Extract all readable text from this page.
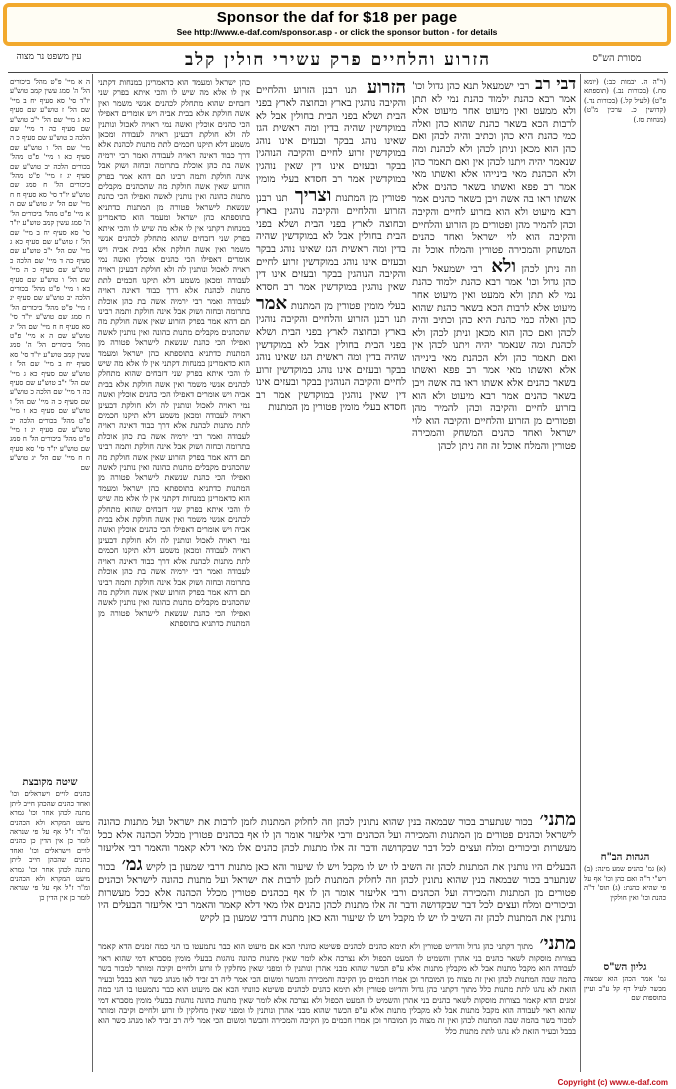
Sponsor the daf for $18 per page
See http://www.e-daf.com/sponsor.asp - or click the sponsor button - for details
עין משפט נר מצוה	הזרוע והלחיים פרק עשירי חולין קלב	מסורת הש"ס
ה א מיי' פ"ט מהל' ביכורים הל' ה' סמג עשין קמב טוש"ע יו"ד סי' סא סעיף יח ב מיי' שם הל' ז טוש"ע שם סעיף כא ג מיי' שם הל' י"ב טוש"ע שם סעיף כה ד מיי' שם הלכה כ טוש"ע שם סעיף כ ה מיי' שם הל' ו טוש"ע שם סעיף כא ו מיי' פ"ט מהל' בכורים הלכה יב טוש"ע שם סעיף יג ז מיי' פ"ט מהל' ביכורים הל' ח סמג שם טוש"ע יו"ד סי' סא סעיף ח ח מיי' שם הל' יג טוש"ע שם ה א מיי' פ"ט מהל' ביכורים הל' ה' סמג עשין קמב טוש"ע יו"ד סי' סא סעיף יח ב מיי' שם הל' ז טוש"ע שם סעיף כא ג מיי' שם הל' י"ב טוש"ע שם סעיף כה ד מיי' שם הלכה כ טוש"ע שם סעיף כ ה מיי' שם הל' ו טוש"ע שם סעיף כא ו מיי' פ"ט מהל' בכורים הלכה יב טוש"ע שם סעיף יג ז מיי' פ"ט מהל' ביכורים הל' ח סמג שם טוש"ע יו"ד סי' סא סעיף ח ח מיי' שם הל' יג טוש"ע שם ה א מיי' פ"ט מהל' ביכורים הל' ה' סמג עשין קמב טוש"ע יו"ד סי' סא סעיף יח ב מיי' שם הל' ז טוש"ע שם סעיף כא ג מיי' שם הל' י"ב טוש"ע שם סעיף כה ד מיי' שם הלכה כ טוש"ע שם סעיף כ ה מיי' שם הל' ו טוש"ע שם סעיף כא ו מיי' פ"ט מהל' בכורים הלכה יב טוש"ע שם סעיף יג ז מיי' פ"ט מהל' ביכורים הל' ח סמג שם טוש"ע יו"ד סי' סא סעיף ח ח מיי' שם הל' יג טוש"ע שם
שיטה מקובצת
כהנים לויים וישראלים וכו' ואחד כהנים שהכהן חייב ליתן מתנה לכהן אחר וכו' גמרא מיעט המקרא ולא הכהנים ומ"ר ז"ל אף על פי שנראה לומר כן אין הדין כן כהנים לויים וישראלים וכו' ואחד כהנים שהכהן חייב ליתן מתנה לכהן אחר וכו' גמרא מיעט המקרא ולא הכהנים ומ"ר ז"ל אף על פי שנראה לומר כן אין הדין כן
כהן ישראל ומעמד הוא כדאמרינן במנחות דקתני אין לו אלא מה שיש לו והכי איתא בפרק שני דזבחים שהוא מתחלק לכהנים אנשי משמר ואין אשה חולקת אלא בבית אביה ויש אומרים דאפילו הכי כהנים אוכלין ואשה נמי ראויה לאכול ונותנין לה ולא חולקת דבעינן ראויה לעבודה ומכאן משמע דלא תיקנו חכמים לתת מתנות לכהנת אלא דרך כבוד דאינה ראויה לעבודה ואמר רבי ירמיה אשה בת כהן אוכלת בתרומה ובחזה ושוק אבל אינה חולקת ותמה רבינו תם דהא אמר בפרק הזרוע שאין אשה חולקת מה שהכהנים מקבלים מתנות כהונה ואין נותנין לאשה ואפילו הכי כהנת שנשאת לישראל פטורה מן המתנות כדתניא בתוספתא כהן ישראל ומעמד הוא כדאמרינן במנחות דקתני אין לו אלא מה שיש לו והכי איתא בפרק שני דזבחים שהוא מתחלק לכהנים אנשי משמר ואין אשה חולקת אלא בבית אביה ויש אומרים דאפילו הכי כהנים אוכלין ואשה נמי ראויה לאכול ונותנין לה ולא חולקת דבעינן ראויה לעבודה ומכאן משמע דלא תיקנו חכמים לתת מתנות לכהנת אלא דרך כבוד דאינה ראויה לעבודה ואמר רבי ירמיה אשה בת כהן אוכלת בתרומה ובחזה ושוק אבל אינה חולקת ותמה רבינו תם דהא אמר בפרק הזרוע שאין אשה חולקת מה שהכהנים מקבלים מתנות כהונה ואין נותנין לאשה ואפילו הכי כהנת שנשאת לישראל פטורה מן המתנות כדתניא בתוספתא כהן ישראל ומעמד הוא כדאמרינן במנחות דקתני אין לו אלא מה שיש לו והכי איתא בפרק שני דזבחים שהוא מתחלק לכהנים אנשי משמר ואין אשה חולקת אלא בבית אביה ויש אומרים דאפילו הכי כהנים אוכלין ואשה נמי ראויה לאכול ונותנין לה ולא חולקת דבעינן ראויה לעבודה ומכאן משמע דלא תיקנו חכמים לתת מתנות לכהנת אלא דרך כבוד דאינה ראויה לעבודה ואמר רבי ירמיה אשה בת כהן אוכלת בתרומה ובחזה ושוק אבל אינה חולקת ותמה רבינו תם דהא אמר בפרק הזרוע שאין אשה חולקת מה שהכהנים מקבלים מתנות כהונה ואין נותנין לאשה ואפילו הכי כהנת שנשאת לישראל פטורה מן המתנות כדתניא בתוספתא כהן ישראל ומעמד הוא כדאמרינן במנחות דקתני אין לו אלא מה שיש לו והכי איתא בפרק שני דזבחים שהוא מתחלק לכהנים אנשי משמר ואין אשה חולקת אלא בבית אביה ויש אומרים דאפילו הכי כהנים אוכלין ואשה נמי ראויה לאכול ונותנין לה ולא חולקת דבעינן ראויה לעבודה ומכאן משמע דלא תיקנו חכמים לתת מתנות לכהנת אלא דרך כבוד דאינה ראויה לעבודה ואמר רבי ירמיה אשה בת כהן אוכלת בתרומה ובחזה ושוק אבל אינה חולקת ותמה רבינו תם דהא אמר בפרק הזרוע שאין אשה חולקת מה שהכהנים מקבלים מתנות כהונה ואין נותנין לאשה ואפילו הכי כהנת שנשאת לישראל פטורה מן המתנות כדתניא בתוספתא
הזרוע תנו רבנן הזרוע והלחיים והקיבה נוהגין בארץ ובחוצה לארץ בפני הבית ושלא בפני הבית בחולין אבל לא במוקדשין שהיה בדין ומה ראשית הגז שאינו נוהג בבקר ובעזים אינו נוהג במוקדשין זרוע לחיים והקיבה הנוהגין בבקר ובעזים אינו דין שאין נוהגין במוקדשין אמר רב חסדא בעלי מומין פטורין מן המתנות וצריך תנו רבנן הזרוע והלחיים והקיבה נוהגין בארץ ובחוצה לארץ בפני הבית ושלא בפני הבית בחולין אבל לא במוקדשין שהיה בדין ומה ראשית הגז שאינו נוהג בבקר ובעזים אינו נוהג במוקדשין זרוע לחיים והקיבה הנוהגין בבקר ובעזים אינו דין שאין נוהגין במוקדשין אמר רב חסדא בעלי מומין פטורין מן המתנות אמר תנו רבנן הזרוע והלחיים והקיבה נוהגין בארץ ובחוצה לארץ בפני הבית ושלא בפני הבית בחולין אבל לא במוקדשין שהיה בדין ומה ראשית הגז שאינו נוהג בבקר ובעזים אינו נוהג במוקדשין זרוע לחיים והקיבה הנוהגין בבקר ובעזים אינו דין שאין נוהגין במוקדשין אמר רב חסדא בעלי מומין פטורין מן המתנות
דבי רב רבי ישמעאל תנא כהן גדול וכו' אמר רבא כהנת ילמוד כהנת נמי לא תתן ולא ממעט ואין מיעוט אחר מיעוט אלא לרבות הכא בשאר כהנת שהוא כהן ואלה כמי כהנת היא כהן וכתיב והיה לכהן ואם כהן הוא מכאן וניתן לכהן ולא לכהנת ומה שנאמר יהיה ויתנו לכהן אין ואם תאמר כהן ולא הכהנת מאי בינייהו אלא ואשתו מאי אמר רב פפא ואשתו בשאר כהנים אלא אשתו ראו בה אשה ויבן בשאר כהנים אמר רבא מיעוט ולא הוא בזרוע לחיים והקיבה וכהן להמיר מהן ופטורים מן הזרוע והלחיים והקיבה הוא לוי ישראל ואחד כהנים המשחק והמכירה פטורין והמלח אוכל זה וזה ניתן לכהן ולא רבי ישמעאל תנא כהן גדול וכו' אמר רבא כהנת ילמוד כהנת נמי לא תתן ולא ממעט ואין מיעוט אחר מיעוט אלא לרבות הכא בשאר כהנת שהוא כהן ואלה כמי כהנת היא כהן וכתיב והיה לכהן ואם כהן הוא מכאן וניתן לכהן ולא לכהנת ומה שנאמר יהיה ויתנו לכהן אין ואם תאמר כהן ולא הכהנת מאי בינייהו אלא ואשתו מאי אמר רב פפא ואשתו בשאר כהנים אלא אשתו ראו בה אשה ויבן בשאר כהנים אמר רבא מיעוט ולא הוא בזרוע לחיים והקיבה וכהן להמיר מהן ופטורים מן הזרוע והלחיים והקיבה הוא לוי ישראל ואחד כהנים המשחק והמכירה פטורין והמלח אוכל זה וזה ניתן לכהן
מתני׳ בכור שנתערב בכור שבמאה בנין שהוא נתונין לכהן וזה לחלוק המתנות לזמן לרבות את ישראל ועל מתנות כהונה לישראל וכהנים פטורים מן המתנות והמכירה ועל הכהנים ורבי אליעזר אומר הן לו אף בכהנים פטורין מכלל הכהנה אלא ככל מעשרות וביכורים ומלח ועצים לכל דבר שבקדושה ודבר זה אלו מתנות לכהן כהנים אלו מאי דלא קאמר והאמר רבי אליעזר הבעלים היו נותנין את המתנות לכהן זה השיב לו יש לו מקבל ויש לו שיעור והא כאן מתנות דרבי שמעון בן לקיש גמ׳ בכור שנתערב בכור שבמאה בנין שהוא נתונין לכהן וזה לחלוק המתנות לזמן לרבות את ישראל ועל מתנות כהונה לישראל וכהנים פטורים מן המתנות והמכירה ועל הכהנים ורבי אליעזר אומר הן לו אף בכהנים פטורין מכלל הכהנה אלא ככל מעשרות וביכורים ומלח ועצים לכל דבר שבקדושה ודבר זה אלו מתנות לכהן כהנים אלו מאי דלא קאמר והאמר רבי אליעזר הבעלים היו נותנין את המתנות לכהן זה השיב לו יש לו מקבל ויש לו שיעור והא כאן מתנות דרבי שמעון בן לקיש
מתני׳ מתוך דקתני כהן גדול והדיוט פטורין ולא תימא כהנים לכהנים פשיטא כוונתי הכא אם מיעוט הוא כבר נתמעטו בו הני כמה זמנים הדא קאמר בצורות מוסקות לשאר כהנים בני אהרן והשמיט לו המעט הכפול ולא נצרכה אלא לומר שאין מתנות כהונה נוהגות בבעלי מומין מסברא דמי שהוא ראוי לעבודה הוא מקבל מתנות אבל לא מקבלין מתנות אלא ע"פ הכשר שהוא מבני אהרן ונותנין לו ומפני שאין מחלקין לו זרוע ולחיים וקיבה ומותר למכור בשר בהמה שבה המתנות לכהן ואין זה מצוה מן המובחר וכן אמרו חכמים מן הקיבה והמכירה והבשר ומשום הכי אמר ליה רב זביד לאו מנהג כשר הוא בבבל ובעיר הזאת לא נהגו לתת מתנות כלל מתוך דקתני כהן גדול והדיוט פטורין ולא תימא כהנים לכהנים פשיטא כוונתי הכא אם מיעוט הוא כבר נתמעטו בו הני כמה זמנים הדא קאמר בצורות מוסקות לשאר כהנים בני אהרן והשמיט לו המעט הכפול ולא נצרכה אלא לומר שאין מתנות כהונה נוהגות בבעלי מומין מסברא דמי שהוא ראוי לעבודה הוא מקבל מתנות אבל לא מקבלין מתנות אלא ע"פ הכשר שהוא מבני אהרן ונותנין לו ומפני שאין מחלקין לו זרוע ולחיים וקיבה ומותר למכור בשר בהמה שבה המתנות לכהן ואין זה מצוה מן המובחר וכן אמרו חכמים מן הקיבה והמכירה והבשר ומשום הכי אמר ליה רב זביד לאו מנהג כשר הוא בבבל ובעיר הזאת לא נהגו לתת מתנות כלל
(ר"ה ה. יבמות כב:) (יומא סח.) (בכורות נב.) (תוספתא פ"ט) (לעיל קל.) (בכורות נד.) (קדושין כ. ערכין מ"ט) (מנחות סז.)
הגהות הב"ח
(א) גמ' כהנים שמע מינה: (ב) רש"י ד"ה ואם כהן וכו' אף על פי שהיא כהנת: (ג) תוס' ד"ה כהנת וכו' ואין חולקין
גליון הש"ס
גמ' אמר הכהן הוא שמצוה מבשר לעיל דף קל ע"ב ועיין בתוספות שם
Copyright (c) www.e-daf.com
